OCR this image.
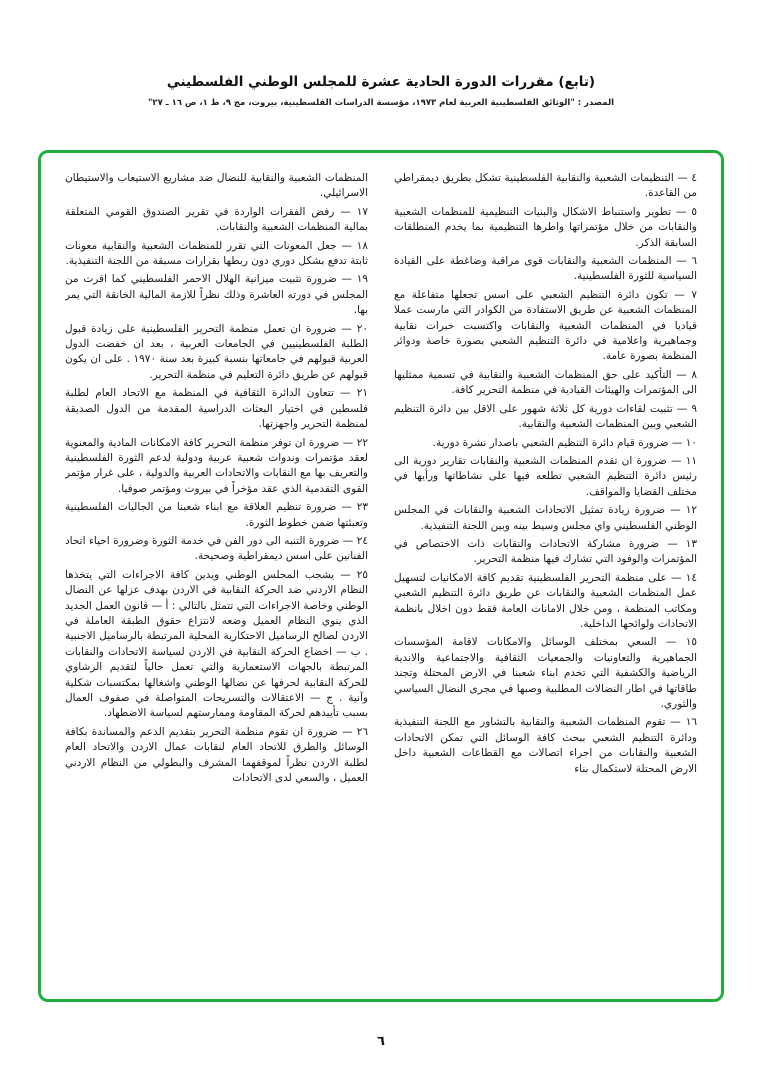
(تابع) مقررات الدورة الحادية عشرة للمجلس الوطني الفلسطيني
المصدر : "الوثائق الفلسطينية العربية لعام ١٩٧٣، مؤسسة الدراسات الفلسطينية، بيروت، مج ٩، ط ١، ص ١٦ ـ ٢٧"

٤ — التنظيمات الشعبية والنقابية الفلسطينية تشكل بطريق ديمقراطي من القاعدة.

٥ — تطوير واستنباط الاشكال والبنيات التنظيمية للمنظمات الشعبية والنقابات من خلال مؤتمراتها واطرها التنظيمية بما يخدم المنطلقات السابقة الذكر.

٦ — المنظمات الشعبية والنقابات قوى مراقبة وضاغطة على القيادة السياسية للثورة الفلسطينية.

٧ — تكون دائرة التنظيم الشعبي على اسس تجعلها متفاعلة مع المنظمات الشعبية عن طريق الاستفادة من الكوادر التي مارست عملا قياديا في المنظمات الشعبية والنقابات واكتسبت خبرات نقابية وجماهيرية واعلامية في دائرة التنظيم الشعبي بصورة خاصة ودوائر المنظمة بصورة عامة.

٨ — التأكيد على حق المنظمات الشعبية والنقابية في تسمية ممثليها الى المؤتمرات والهيئات القيادية في منظمة التحرير كافة.

٩ — تثبيت لقاءات دورية كل ثلاثة شهور على الاقل بين دائرة التنظيم الشعبي وبين المنظمات الشعبية والنقابية.

١٠ — ضرورة قيام دائرة التنظيم الشعبي باصدار نشرة دورية.

١١ — ضرورة ان تقدم المنظمات الشعبية والنقابات تقارير دورية الى رئيس دائرة التنظيم الشعبي تطلعه فيها على نشاطاتها ورأيها في مختلف القضايا والمواقف.

١٢ — ضرورة زيادة تمثيل الاتحادات الشعبية والنقابات في المجلس الوطني الفلسطيني واي مجلس وسيط بينه وبين اللجنة التنفيذية.

١٣ — ضرورة مشاركة الاتحادات والنقابات ذات الاختصاص في المؤتمرات والوفود التي تشارك فيها منظمة التحرير.

١٤ — على منظمة التحرير الفلسطينية تقديم كافة الامكانيات لتسهيل عمل المنظمات الشعبية والنقابات عن طريق دائرة التنظيم الشعبي ومكاتب المنظمة ، ومن خلال الامانات العامة فقط دون اخلال بانظمة الاتحادات ولوائحها الداخلية.

١٥ — السعي بمختلف الوسائل والامكانات لاقامة المؤسسات الجماهيرية والتعاونيات والجمعيات الثقافية والاجتماعية والاندية الرياضية والكشفية التي تخدم ابناء شعبنا في الارض المحتلة وتجند طاقاتها في اطار النضالات المطلبية وصبها في مجرى النضال السياسي والثوري.

١٦ — تقوم المنظمات الشعبية والنقابية بالتشاور مع اللجنة التنفيذية ودائرة التنظيم الشعبي ببحث كافة الوسائل التي تمكن الاتحادات الشعبية والنقابات من اجراء اتصالات مع القطاعات الشعبية داخل الارض المحتلة لاستكمال بناء

المنظمات الشعبية والنقابية للنضال ضد مشاريع الاستيعاب والاستيطان الاسرائيلي.

١٧ — رفض الفقرات الواردة في تقرير الصندوق القومي المتعلقة بمالية المنظمات الشعبية والنقابات.

١٨ — جعل المعونات التي تقرر للمنظمات الشعبية والنقابية معونات ثابتة تدفع بشكل دوري دون ربطها بقرارات مسبقة من اللجنة التنفيذية.

١٩ — ضرورة تثبيت ميزانية الهلال الاحمر الفلسطيني كما اقرت من المجلس في دورته العاشرة وذلك نظراً للازمة المالية الخانقة التي يمر بها.

٢٠ — ضرورة ان تعمل منظمة التحرير الفلسطينية على زيادة قبول الطلبة الفلسطينيين في الجامعات العربية ، بعد ان خفضت الدول العربية قبولهم في جامعاتها بنسبة كبيرة بعد سنة ١٩٧٠ . على ان يكون قبولهم عن طريق دائرة التعليم في منظمة التحرير.

٢١ — تتعاون الدائرة الثقافية في المنظمة مع الاتحاد العام لطلبة فلسطين في اختيار البعثات الدراسية المقدمة من الدول الصديقة لمنظمة التحرير واجهزتها.

٢٢ — ضرورة ان توفر منظمة التحرير كافة الامكانات المادية والمعنوية لعقد مؤتمرات وندوات شعبية عربية ودولية لدعم الثورة الفلسطينية والتعريف بها مع النقابات والاتحادات العربية والدولية ، على غرار مؤتمر القوى التقدمية الذي عقد مؤخراً في بيروت ومؤتمر صوفيا.

٢٣ — ضرورة تنظيم العلاقة مع ابناء شعبنا من الجاليات الفلسطينية وتعبئتها ضمن خطوط الثورة.

٢٤ — ضرورة التنبه الى دور الفن في خدمة الثورة وضرورة احياء اتحاد الفنانين على اسس ديمقراطية وصحيحة.

٢٥ — يشجب المجلس الوطني ويدين كافة الاجراءات التي يتخذها النظام الاردني ضد الحركة النقابية في الاردن بهدف عزلها عن النضال الوطني وخاصة الاجراءات التي تتمثل بالتالي : أ — قانون العمل الجديد الذي ينوي النظام العميل وضعه لانتزاع حقوق الطبقة العاملة في الاردن لصالح الرساميل الاحتكارية المحلية المرتبطة بالرساميل الاجنبية . ب — اخضاع الحركة النقابية في الاردن لسياسة الاتحادات والنقابات المرتبطة بالجهات الاستعمارية والتي تعمل حالياً لتقديم الرشاوي للحركة النقابية لحرفها عن نضالها الوطني واشغالها بمكتسبات شكلية وآنية . ج — الاعتقالات والتسريحات المتواصلة في صفوف العمال بسبب تأييدهم لحركة المقاومة وممارستهم لسياسة الاضطهاد.

٢٦ — ضرورة ان تقوم منظمة التحرير بتقديم الدعم والمساندة بكافة الوسائل والطرق للاتحاد العام لنقابات عمال الاردن والاتحاد العام لطلبة الاردن نظراً لموقفهما المشرف والبطولي من النظام الاردني العميل ، والسعي لدى الاتحادات

٦
